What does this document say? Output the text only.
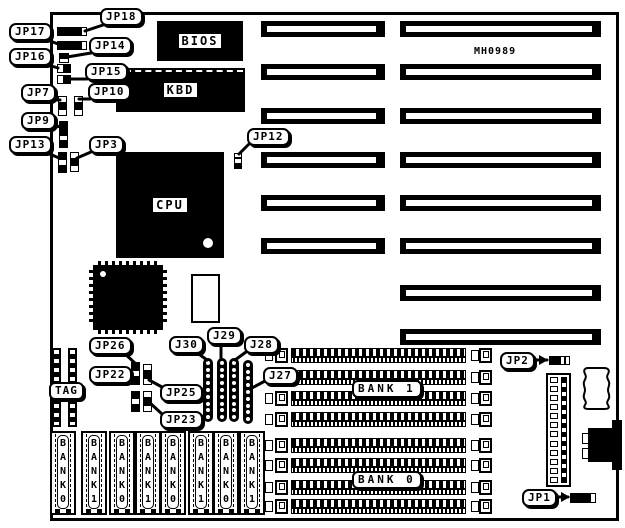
MH0989
BIOS
KBD
CPU
TAG	BANK 1
BANK 0
B
A
N
K
0
B
A
N
K
1
B
A
N
K
0
B
A
N
K
1
B
A
N
K
0
B
A
N
K
1
B
A
N
K
0
B
A
N
K
1
JP18
JP17
JP14
JP16
JP15
JP7	JP10
JP9
JP13	JP3
JP12
JP26
JP22
JP25
JP23
J30
J29
J28
J27
JP2
JP1
